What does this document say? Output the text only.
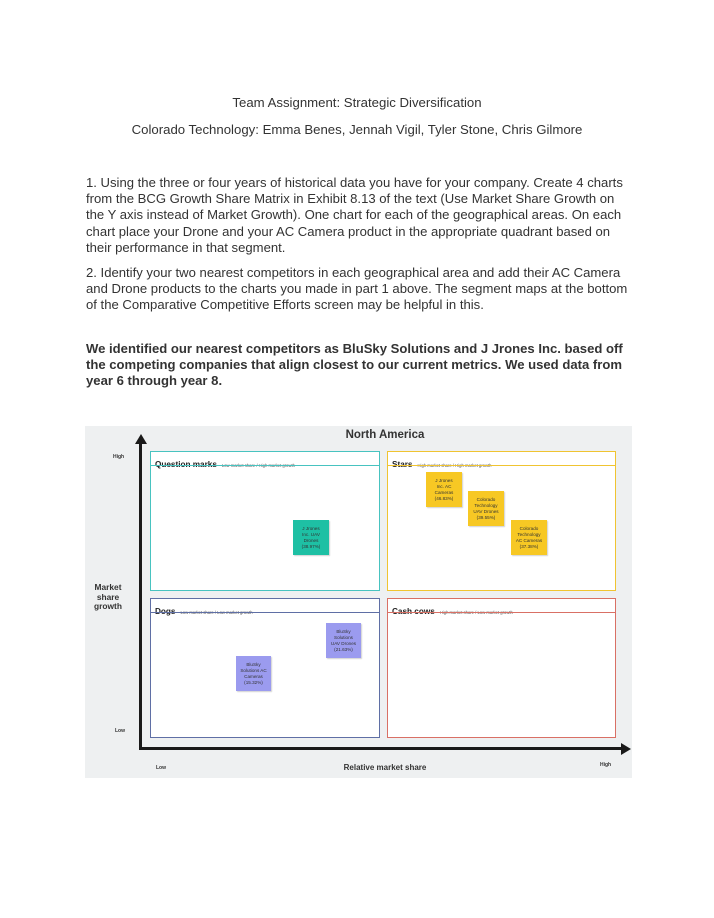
Team Assignment: Strategic Diversification
Colorado Technology: Emma Benes, Jennah Vigil, Tyler Stone, Chris Gilmore

1. Using the three or four years of historical data you have for your company. Create 4 charts from the BCG Growth Share Matrix in Exhibit 8.13 of the text (Use Market Share Growth on the Y axis instead of Market Growth). One chart for each of the geographical areas. On each chart place your Drone and your AC Camera product in the appropriate quadrant based on their performance in that segment.

2. Identify your two nearest competitors in each geographical area and add their AC Camera and Drone products to the charts you made in part 1 above. The segment maps at the bottom of the Comparative Competitive Efforts screen may be helpful in this.

We identified our nearest competitors as BluSky Solutions and J Jrones Inc. based off the competing companies that align closest to our current metrics. We used data from year 6 through year 8.

North America
High
Low
Low	High
Market share growth
Relative market share
J Jrones
Inc. UAV
Drones
(38.97%)
J Jrones
Inc. AC
Cameras
(46.83%)	Colorado
Technology
UAV Drones
(39.55%)
Colorado
Technology
AC Cameras
(37.38%)
BluSky
Solutions
UAV Drones
(21.63%)
BluSky
Solutions AC
Cameras
(15.32%)
